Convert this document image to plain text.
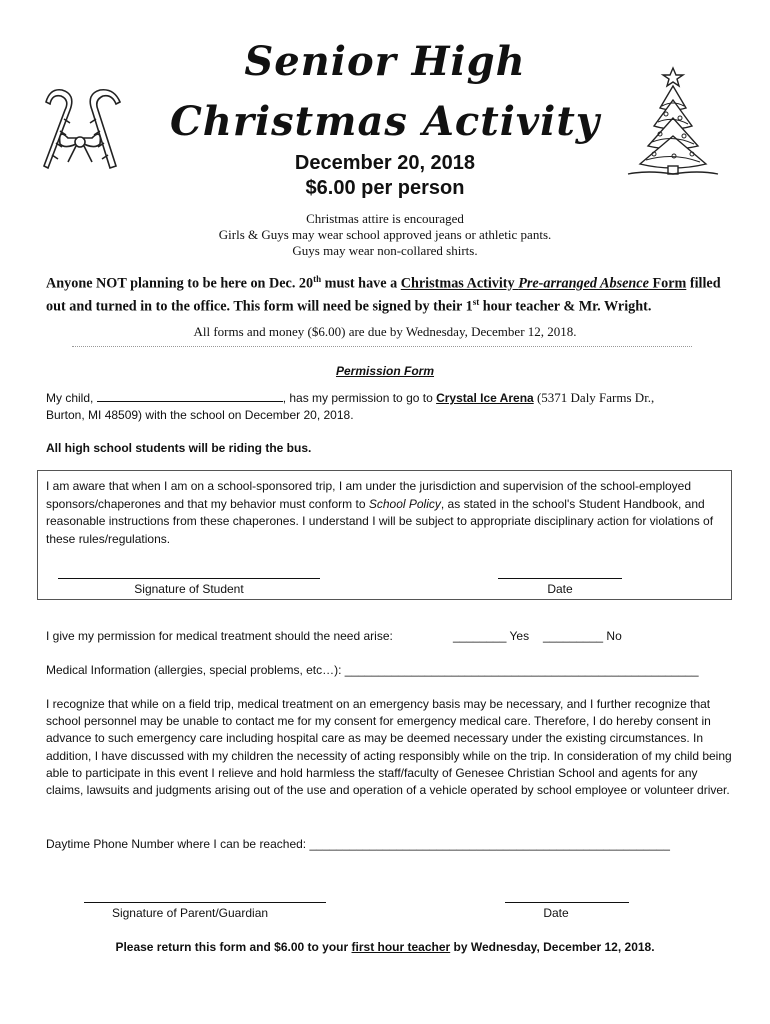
Senior High
Christmas Activity
December 20, 2018
$6.00 per person
Christmas attire is encouraged
Girls & Guys may wear school approved jeans or athletic pants.
Guys may wear non-collared shirts.
Anyone NOT planning to be here on Dec. 20th must have a Christmas Activity Pre-arranged Absence Form filled out and turned in to the office. This form will need be signed by their 1st hour teacher & Mr. Wright.
All forms and money ($6.00) are due by Wednesday, December 12, 2018.
Permission Form
My child,	, has my permission to go to Crystal Ice Arena (5371 Daly Farms Dr.,
Burton, MI 48509) with the school on December 20, 2018.
All high school students will be riding the bus.
I am aware that when I am on a school-sponsored trip, I am under the jurisdiction and supervision of the school-employed sponsors/chaperones and that my behavior must conform to School Policy, as stated in the school's Student Handbook, and reasonable instructions from these chaperones. I understand I will be subject to appropriate disciplinary action for violations of these rules/regulations.
Signature of Student	Date
I give my permission for medical treatment should the need arise:	________ Yes _________ No
Medical Information (allergies, special problems, etc…): _____________________________________________________
I recognize that while on a field trip, medical treatment on an emergency basis may be necessary, and I further recognize that school personnel may be unable to contact me for my consent for emergency medical care. Therefore, I do hereby consent in advance to such emergency care including hospital care as may be deemed necessary under the existing circumstances. In addition, I have discussed with my children the necessity of acting responsibly while on the trip. In consideration of my child being able to participate in this event I relieve and hold harmless the staff/faculty of Genesee Christian School and agents for any claims, lawsuits and judgments arising out of the use and operation of a vehicle operated by school employee or volunteer driver.
Daytime Phone Number where I can be reached: ______________________________________________________
Signature of Parent/Guardian	Date
Please return this form and $6.00 to your first hour teacher by Wednesday, December 12, 2018.
